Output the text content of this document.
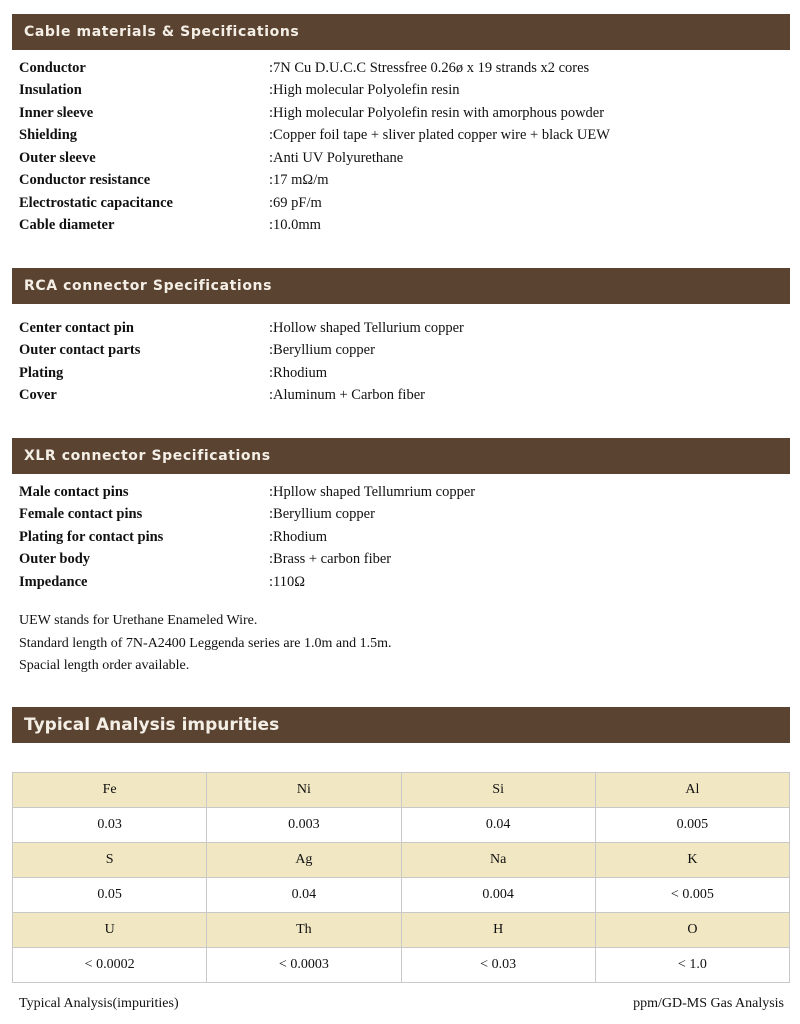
Cable materials & Specifications
Conductor	:7N Cu D.U.C.C Stressfree 0.26ø x 19 strands x2 cores
Insulation	:High molecular Polyolefin resin
Inner sleeve	:High molecular Polyolefin resin with amorphous powder
Shielding	:Copper foil tape + sliver plated copper wire + black UEW
Outer sleeve	:Anti UV Polyurethane
Conductor resistance	:17 mΩ/m
Electrostatic capacitance	:69 pF/m
Cable diameter	:10.0mm
RCA connector Specifications
Center contact pin	:Hollow shaped Tellurium copper
Outer contact parts	:Beryllium copper
Plating	:Rhodium
Cover	:Aluminum + Carbon fiber
XLR connector Specifications
Male contact pins	:Hpllow shaped Tellumrium copper
Female contact pins	:Beryllium copper
Plating for contact pins	:Rhodium
Outer body	:Brass + carbon fiber
Impedance	:110Ω
UEW stands for Urethane Enameled Wire.
Standard length of 7N-A2400 Leggenda series are 1.0m and 1.5m.
Spacial length order available.
Typical Analysis impurities
Fe	Ni	Si	Al
0.03	0.003	0.04	0.005
S	Ag	Na	K
0.05	0.04	0.004	< 0.005
U	Th	H	O
< 0.0002	< 0.0003	< 0.03	< 1.0
Typical Analysis(impurities)	ppm/GD-MS Gas Analysis
